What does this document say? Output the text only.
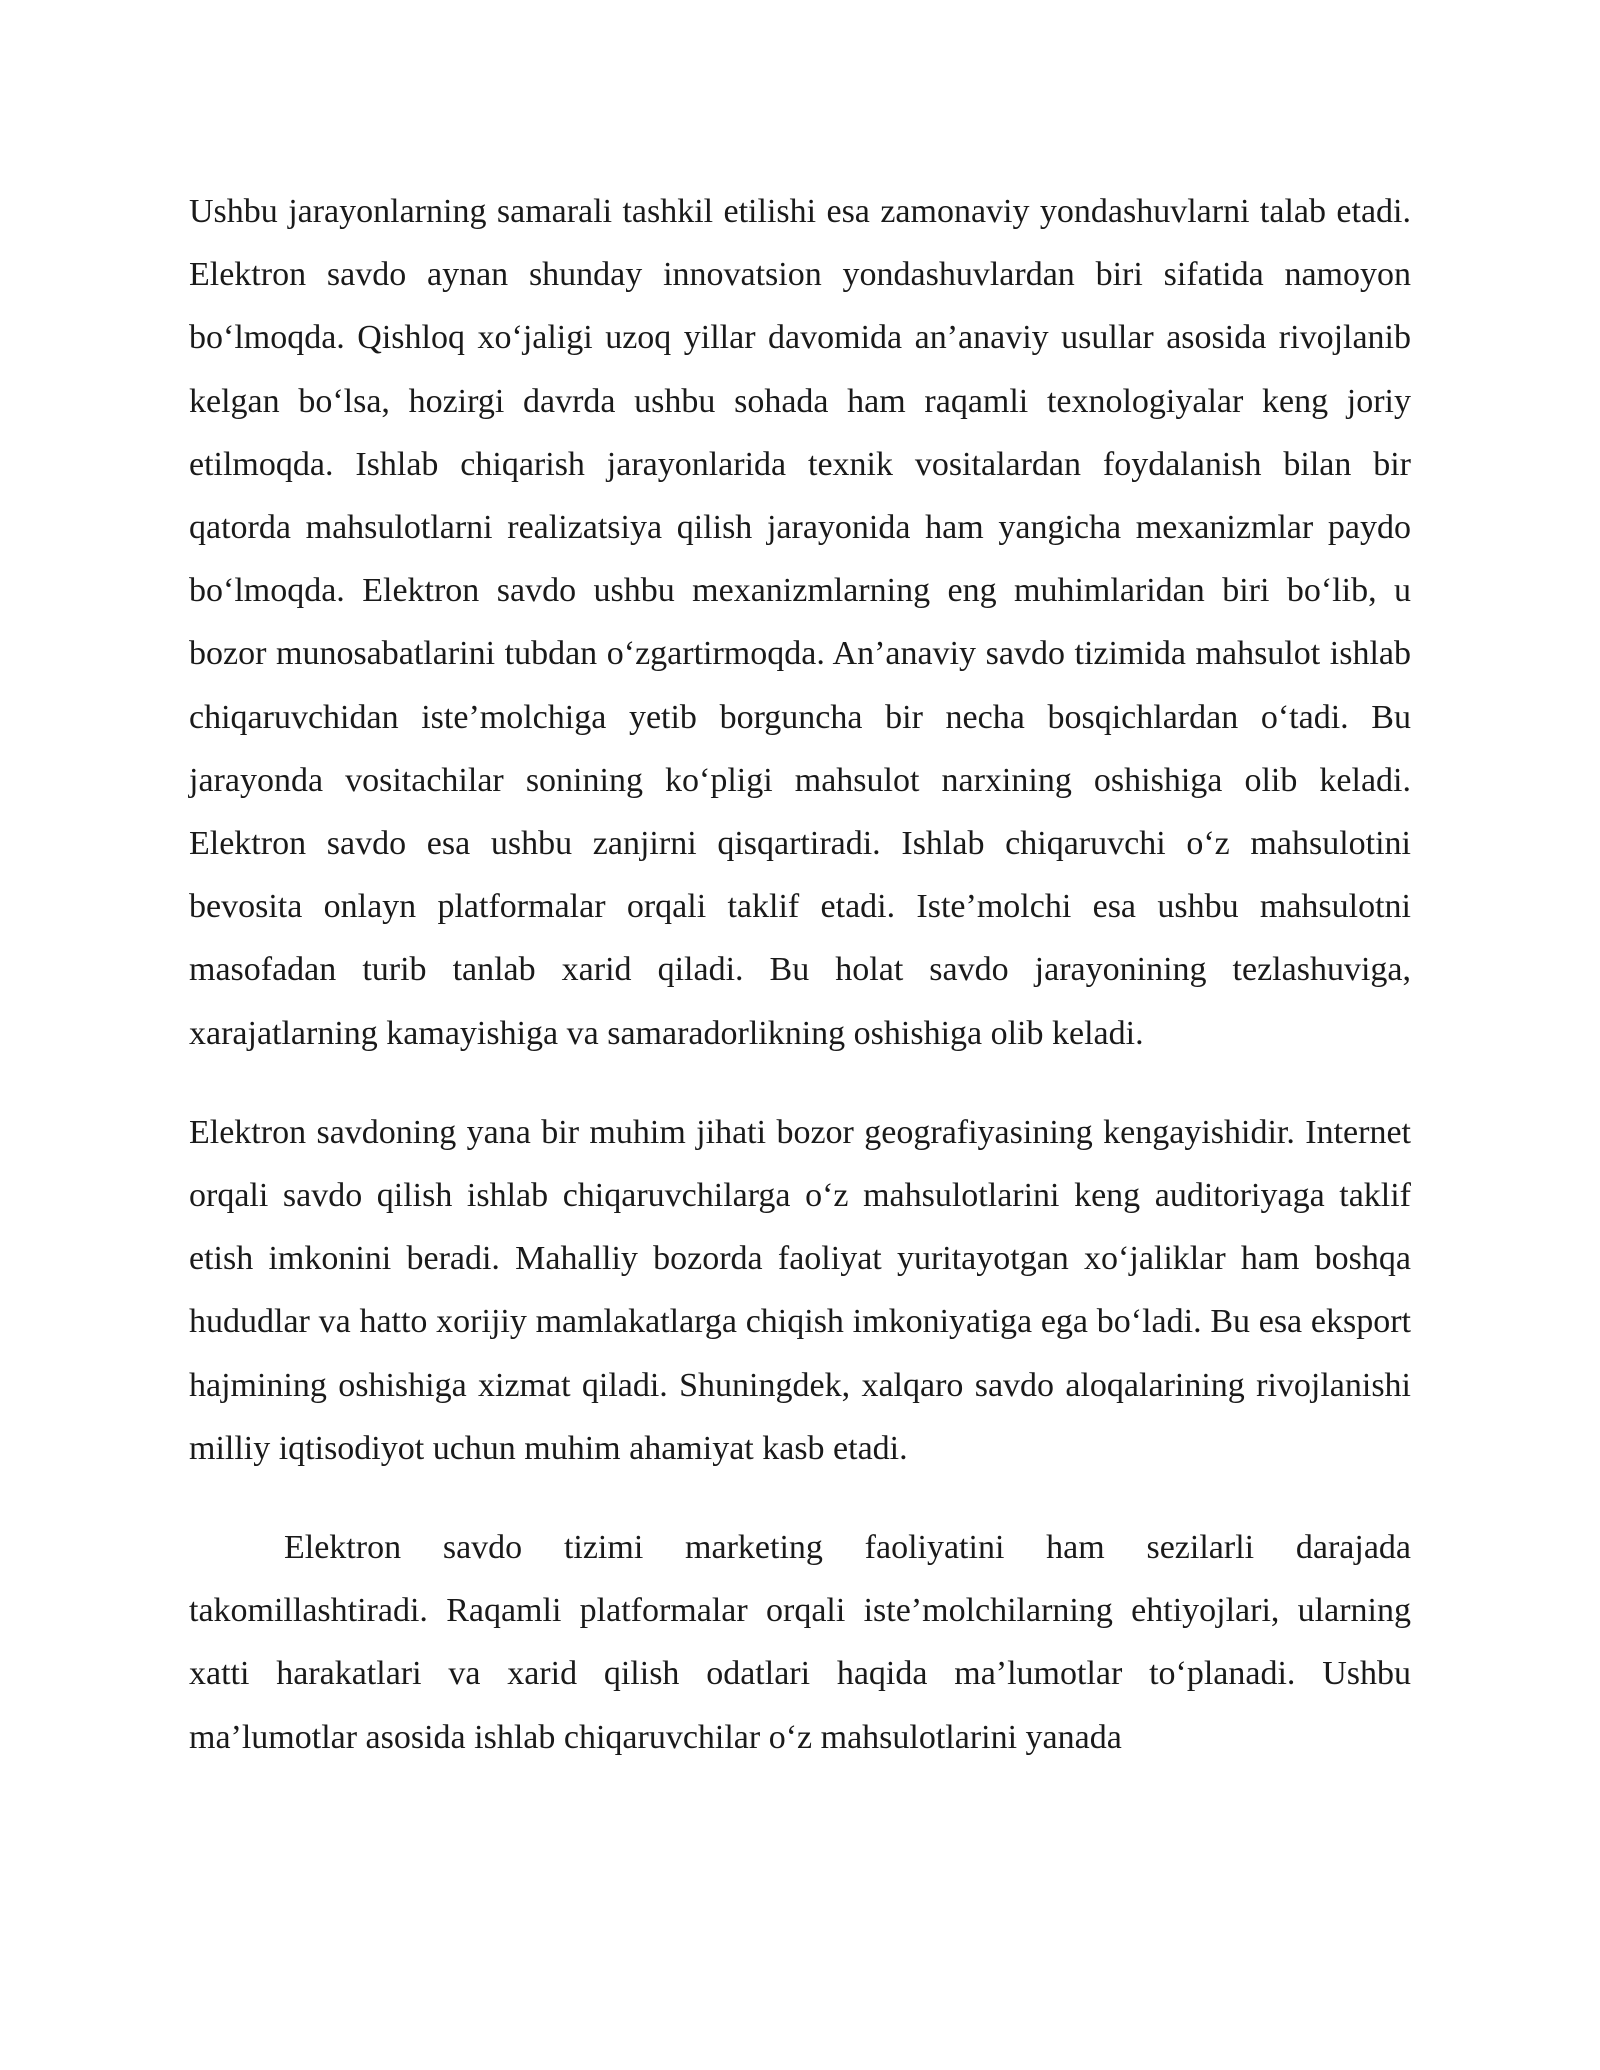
Ushbu jarayonlarning samarali tashkil etilishi esa zamonaviy yondashuvlarni talab etadi. Elektron savdo aynan shunday innovatsion yondashuvlardan biri sifatida namoyon bo‘lmoqda. Qishloq xo‘jaligi uzoq yillar davomida an’anaviy usullar asosida rivojlanib kelgan bo‘lsa, hozirgi davrda ushbu sohada ham raqamli texnologiyalar keng joriy etilmoqda. Ishlab chiqarish jarayonlarida texnik vositalardan foydalanish bilan bir qatorda mahsulotlarni realizatsiya qilish jarayonida ham yangicha mexanizmlar paydo bo‘lmoqda. Elektron savdo ushbu mexanizmlarning eng muhimlaridan biri bo‘lib, u bozor munosabatlarini tubdan o‘zgartirmoqda. An’anaviy savdo tizimida mahsulot ishlab chiqaruvchidan iste’molchiga yetib borguncha bir necha bosqichlardan o‘tadi. Bu jarayonda vositachilar sonining ko‘pligi mahsulot narxining oshishiga olib keladi. Elektron savdo esa ushbu zanjirni qisqartiradi. Ishlab chiqaruvchi o‘z mahsulotini bevosita onlayn platformalar orqali taklif etadi. Iste’molchi esa ushbu mahsulotni masofadan turib tanlab xarid qiladi. Bu holat savdo jarayonining tezlashuviga, xarajatlarning kamayishiga va samaradorlikning oshishiga olib keladi.

Elektron savdoning yana bir muhim jihati bozor geografiyasining kengayishidir. Internet orqali savdo qilish ishlab chiqaruvchilarga o‘z mahsulotlarini keng auditoriyaga taklif etish imkonini beradi. Mahalliy bozorda faoliyat yuritayotgan xo‘jaliklar ham boshqa hududlar va hatto xorijiy mamlakatlarga chiqish imkoniyatiga ega bo‘ladi. Bu esa eksport hajmining oshishiga xizmat qiladi. Shuningdek, xalqaro savdo aloqalarining rivojlanishi milliy iqtisodiyot uchun muhim ahamiyat kasb etadi.

Elektron savdo tizimi marketing faoliyatini ham sezilarli darajada takomillashtiradi. Raqamli platformalar orqali iste’molchilarning ehtiyojlari, ularning xatti harakatlari va xarid qilish odatlari haqida ma’lumotlar to‘planadi. Ushbu ma’lumotlar asosida ishlab chiqaruvchilar o‘z mahsulotlarini yanada
